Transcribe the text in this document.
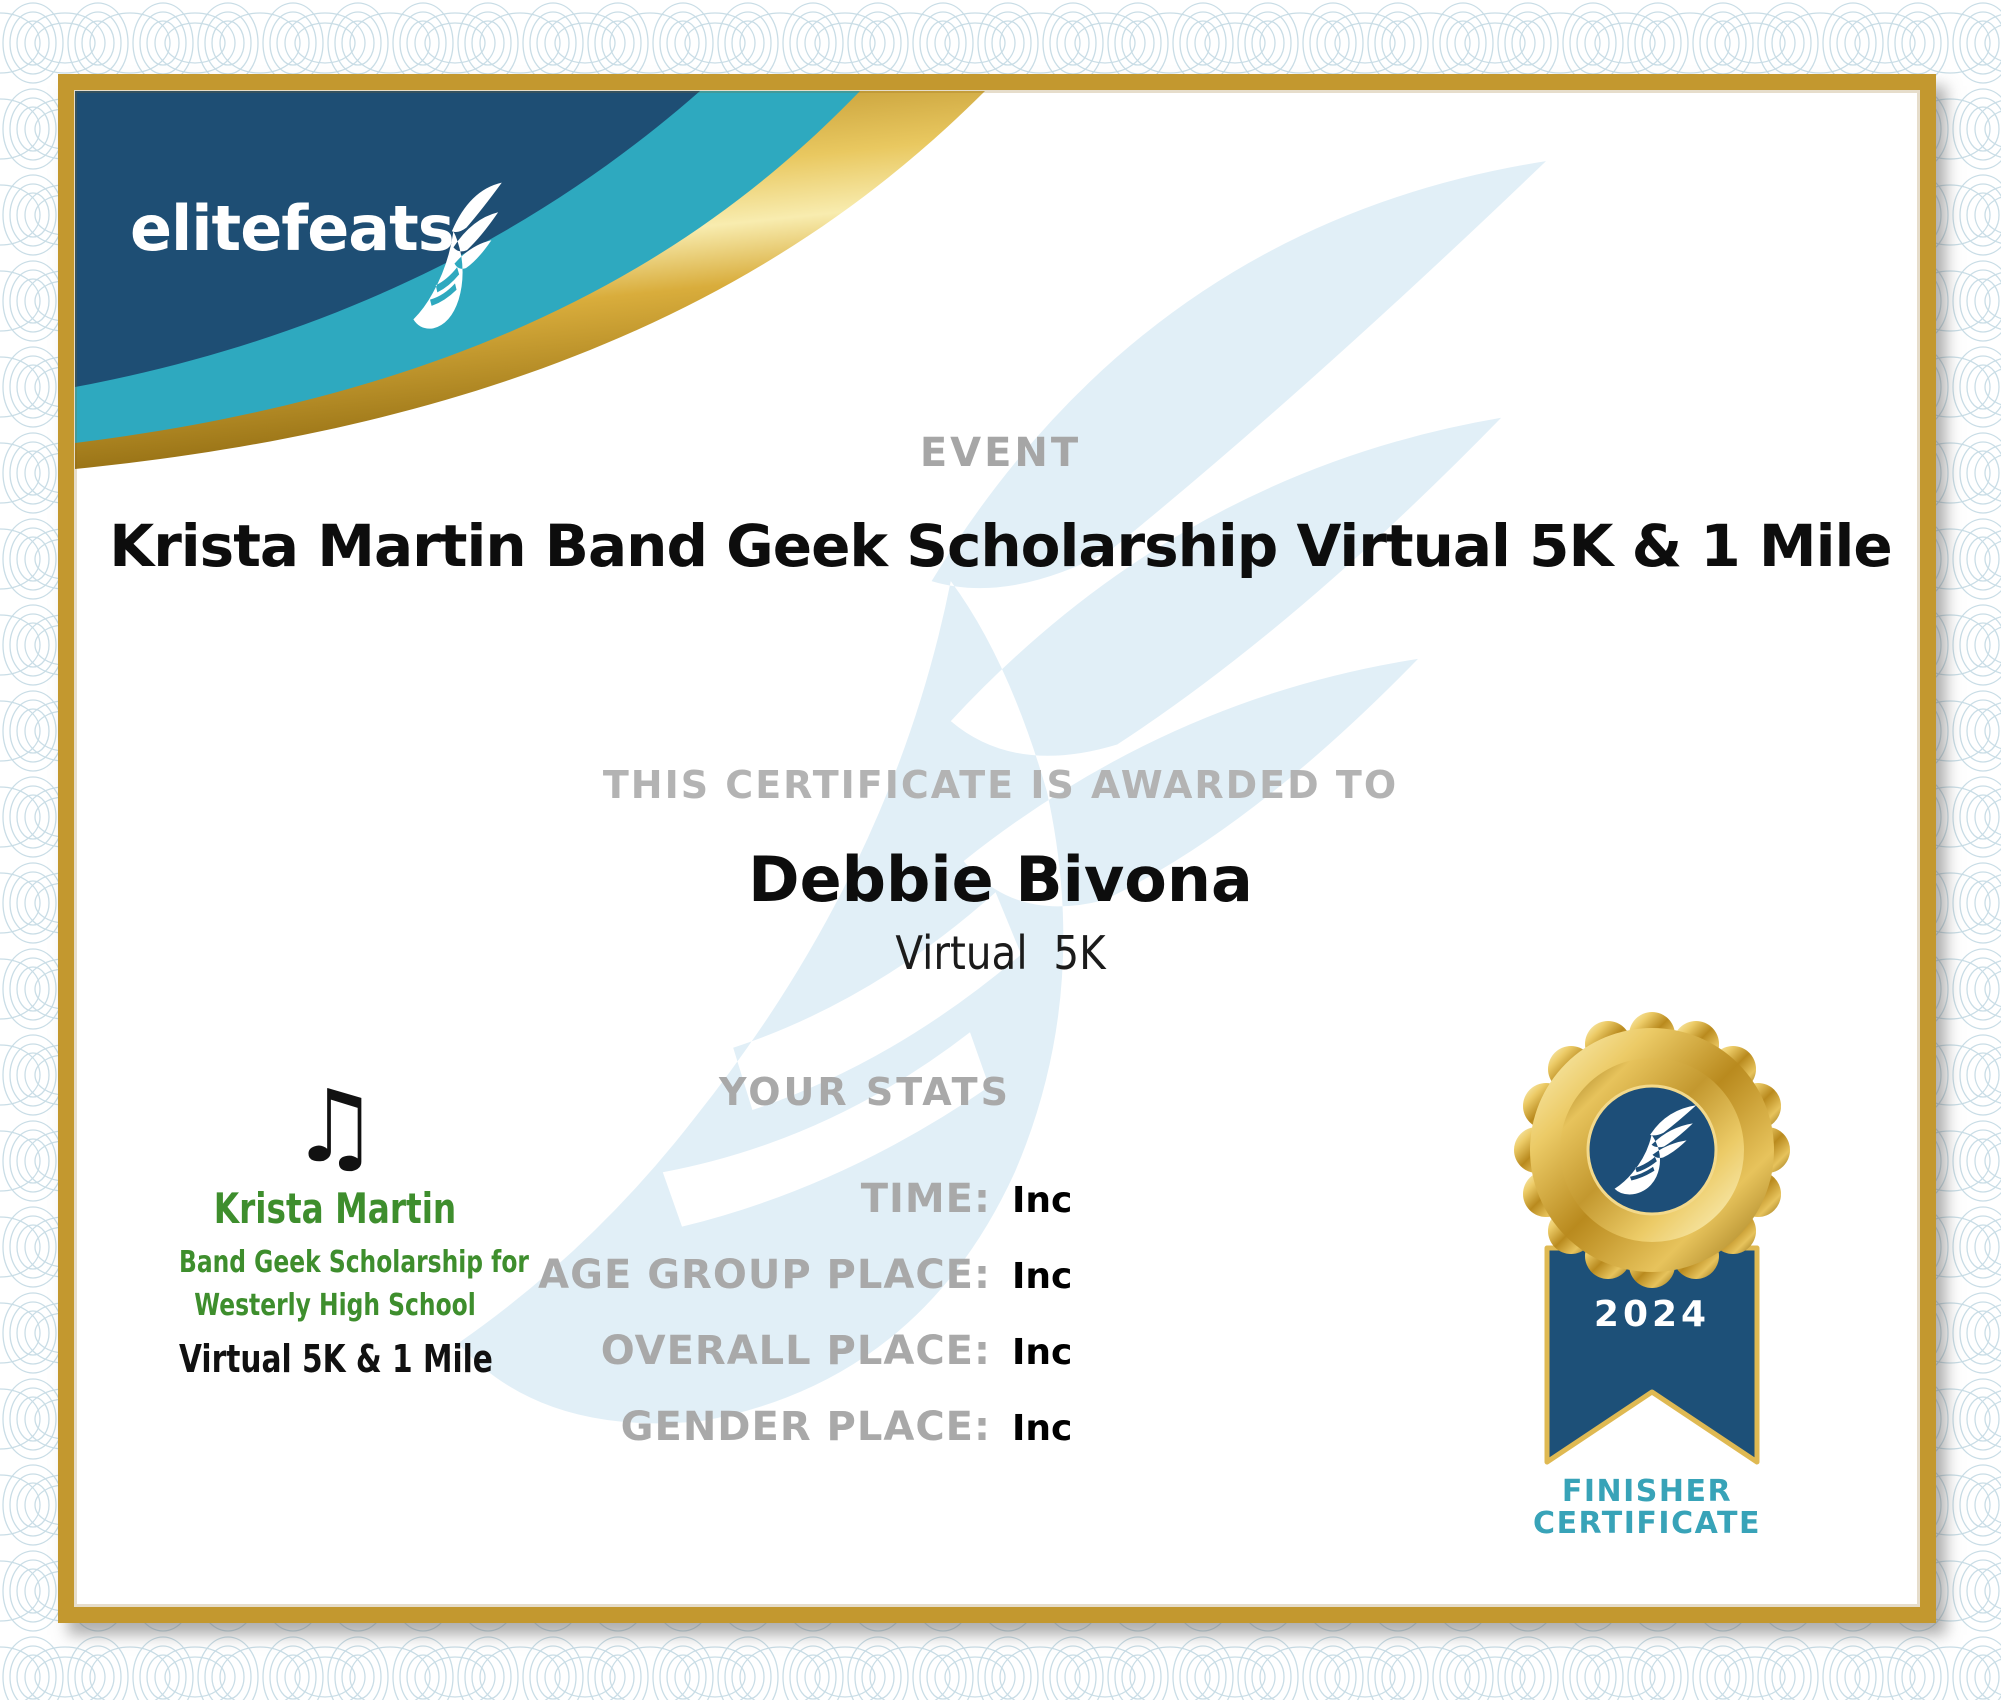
elitefeats
EVENT
Krista Martin Band Geek Scholarship Virtual 5K & 1 Mile
THIS CERTIFICATE IS AWARDED TO
Debbie Bivona
Virtual  5K
YOUR STATS
TIME: Inc
AGE GROUP PLACE: Inc
OVERALL PLACE: Inc
GENDER PLACE: Inc
♫
Krista Martin
Band Geek Scholarship for
Westerly High School
Virtual 5K & 1 Mile
2024
FINISHER
CERTIFICATE
